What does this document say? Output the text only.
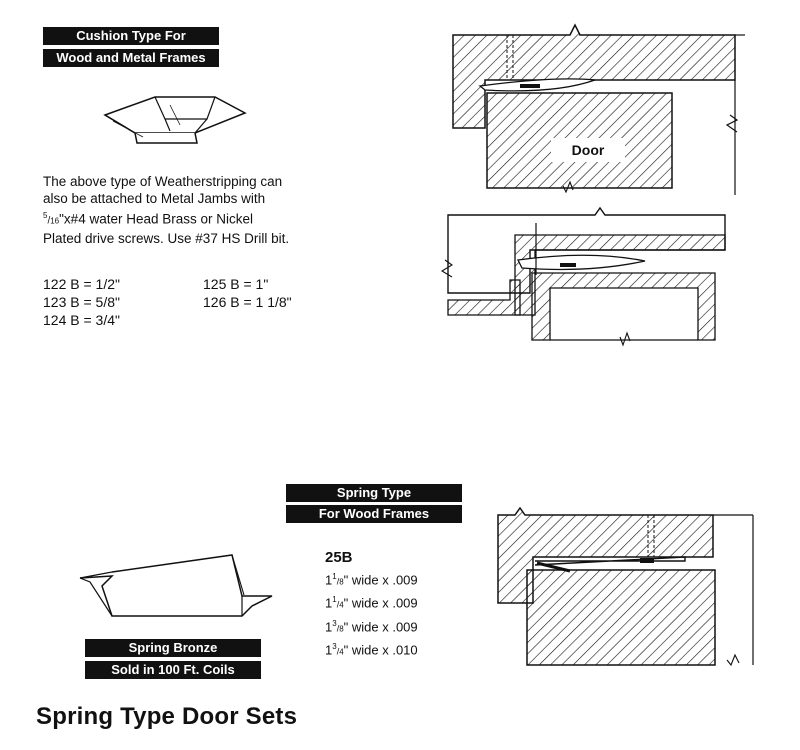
Cushion Type For
Wood and Metal Frames
The above type of Weatherstripping can
also be attached to Metal Jambs with
$^5$/16"x#4 water Head Brass or Nickel
Plated drive screws. Use #37 HS Drill bit.
122 B = 1/2"
123 B = 5/8"
124 B = 3/4"
125 B = 1"
126 B = 1 1/8"
Door
Spring Type
For Wood Frames
25B
$1^1/8$" wide x .009
$1^1/4$" wide x .009
$1^3/8$" wide x .009
$1^3/4$" wide x .010
Spring Bronze
Sold in 100 Ft. Coils
Spring Type Door Sets
